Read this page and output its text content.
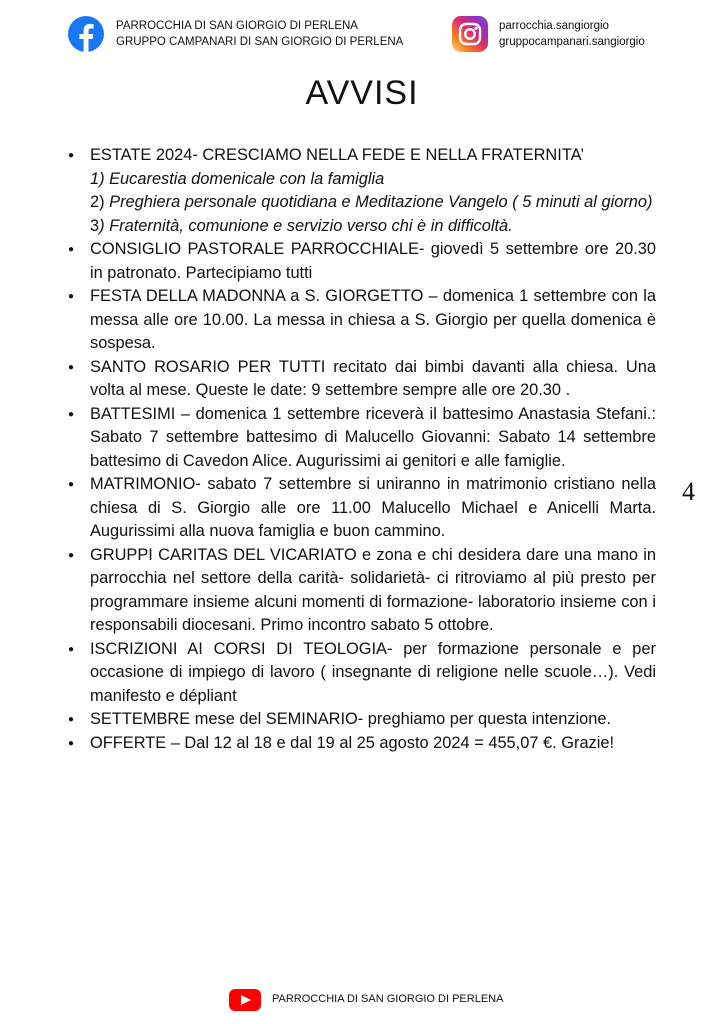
PARROCCHIA DI SAN GIORGIO DI PERLENA
GRUPPO CAMPANARI DI SAN GIORGIO DI PERLENA
parrocchia.sangiorgio
gruppocampanari.sangiorgio
AVVISI
● ESTATE 2024- CRESCIAMO NELLA FEDE E NELLA FRATERNITA’
1) Eucarestia domenicale con la famiglia
2) Preghiera personale quotidiana e Meditazione Vangelo ( 5 minuti al giorno)
3) Fraternità, comunione e servizio verso chi è in difficoltà.
● CONSIGLIO PASTORALE PARROCCHIALE- giovedì 5 settembre ore 20.30 in patronato. Partecipiamo tutti
● FESTA DELLA MADONNA a S. GIORGETTO – domenica 1 settembre con la messa alle ore 10.00. La messa in chiesa a S. Giorgio per quella domenica è sospesa.
● SANTO ROSARIO PER TUTTI recitato dai bimbi davanti alla chiesa. Una volta al mese. Queste le date: 9 settembre sempre alle ore 20.30 .
● BATTESIMI – domenica 1 settembre riceverà il battesimo Anastasia Stefani.: Sabato 7 settembre battesimo di Malucello Giovanni: Sabato 14 settembre battesimo di Cavedon Alice. Augurissimi ai genitori e alle famiglie.
● MATRIMONIO- sabato 7 settembre si uniranno in matrimonio cristiano nella chiesa di S. Giorgio alle ore 11.00 Malucello Michael e Anicelli Marta. Augurissimi alla nuova famiglia e buon cammino.
● GRUPPI CARITAS DEL VICARIATO e zona e chi desidera dare una mano in parrocchia nel settore della carità- solidarietà- ci ritroviamo al più presto per programmare insieme alcuni momenti di formazione- laboratorio insieme con i responsabili diocesani. Primo incontro sabato 5 ottobre.
● ISCRIZIONI AI CORSI DI TEOLOGIA- per formazione personale e per occasione di impiego di lavoro ( insegnante di religione nelle scuole…). Vedi manifesto e dépliant
● SETTEMBRE mese del SEMINARIO- preghiamo per questa intenzione.
● OFFERTE – Dal 12 al 18 e dal 19 al 25 agosto 2024 = 455,07 €. Grazie!
4
PARROCCHIA DI SAN GIORGIO DI PERLENA
